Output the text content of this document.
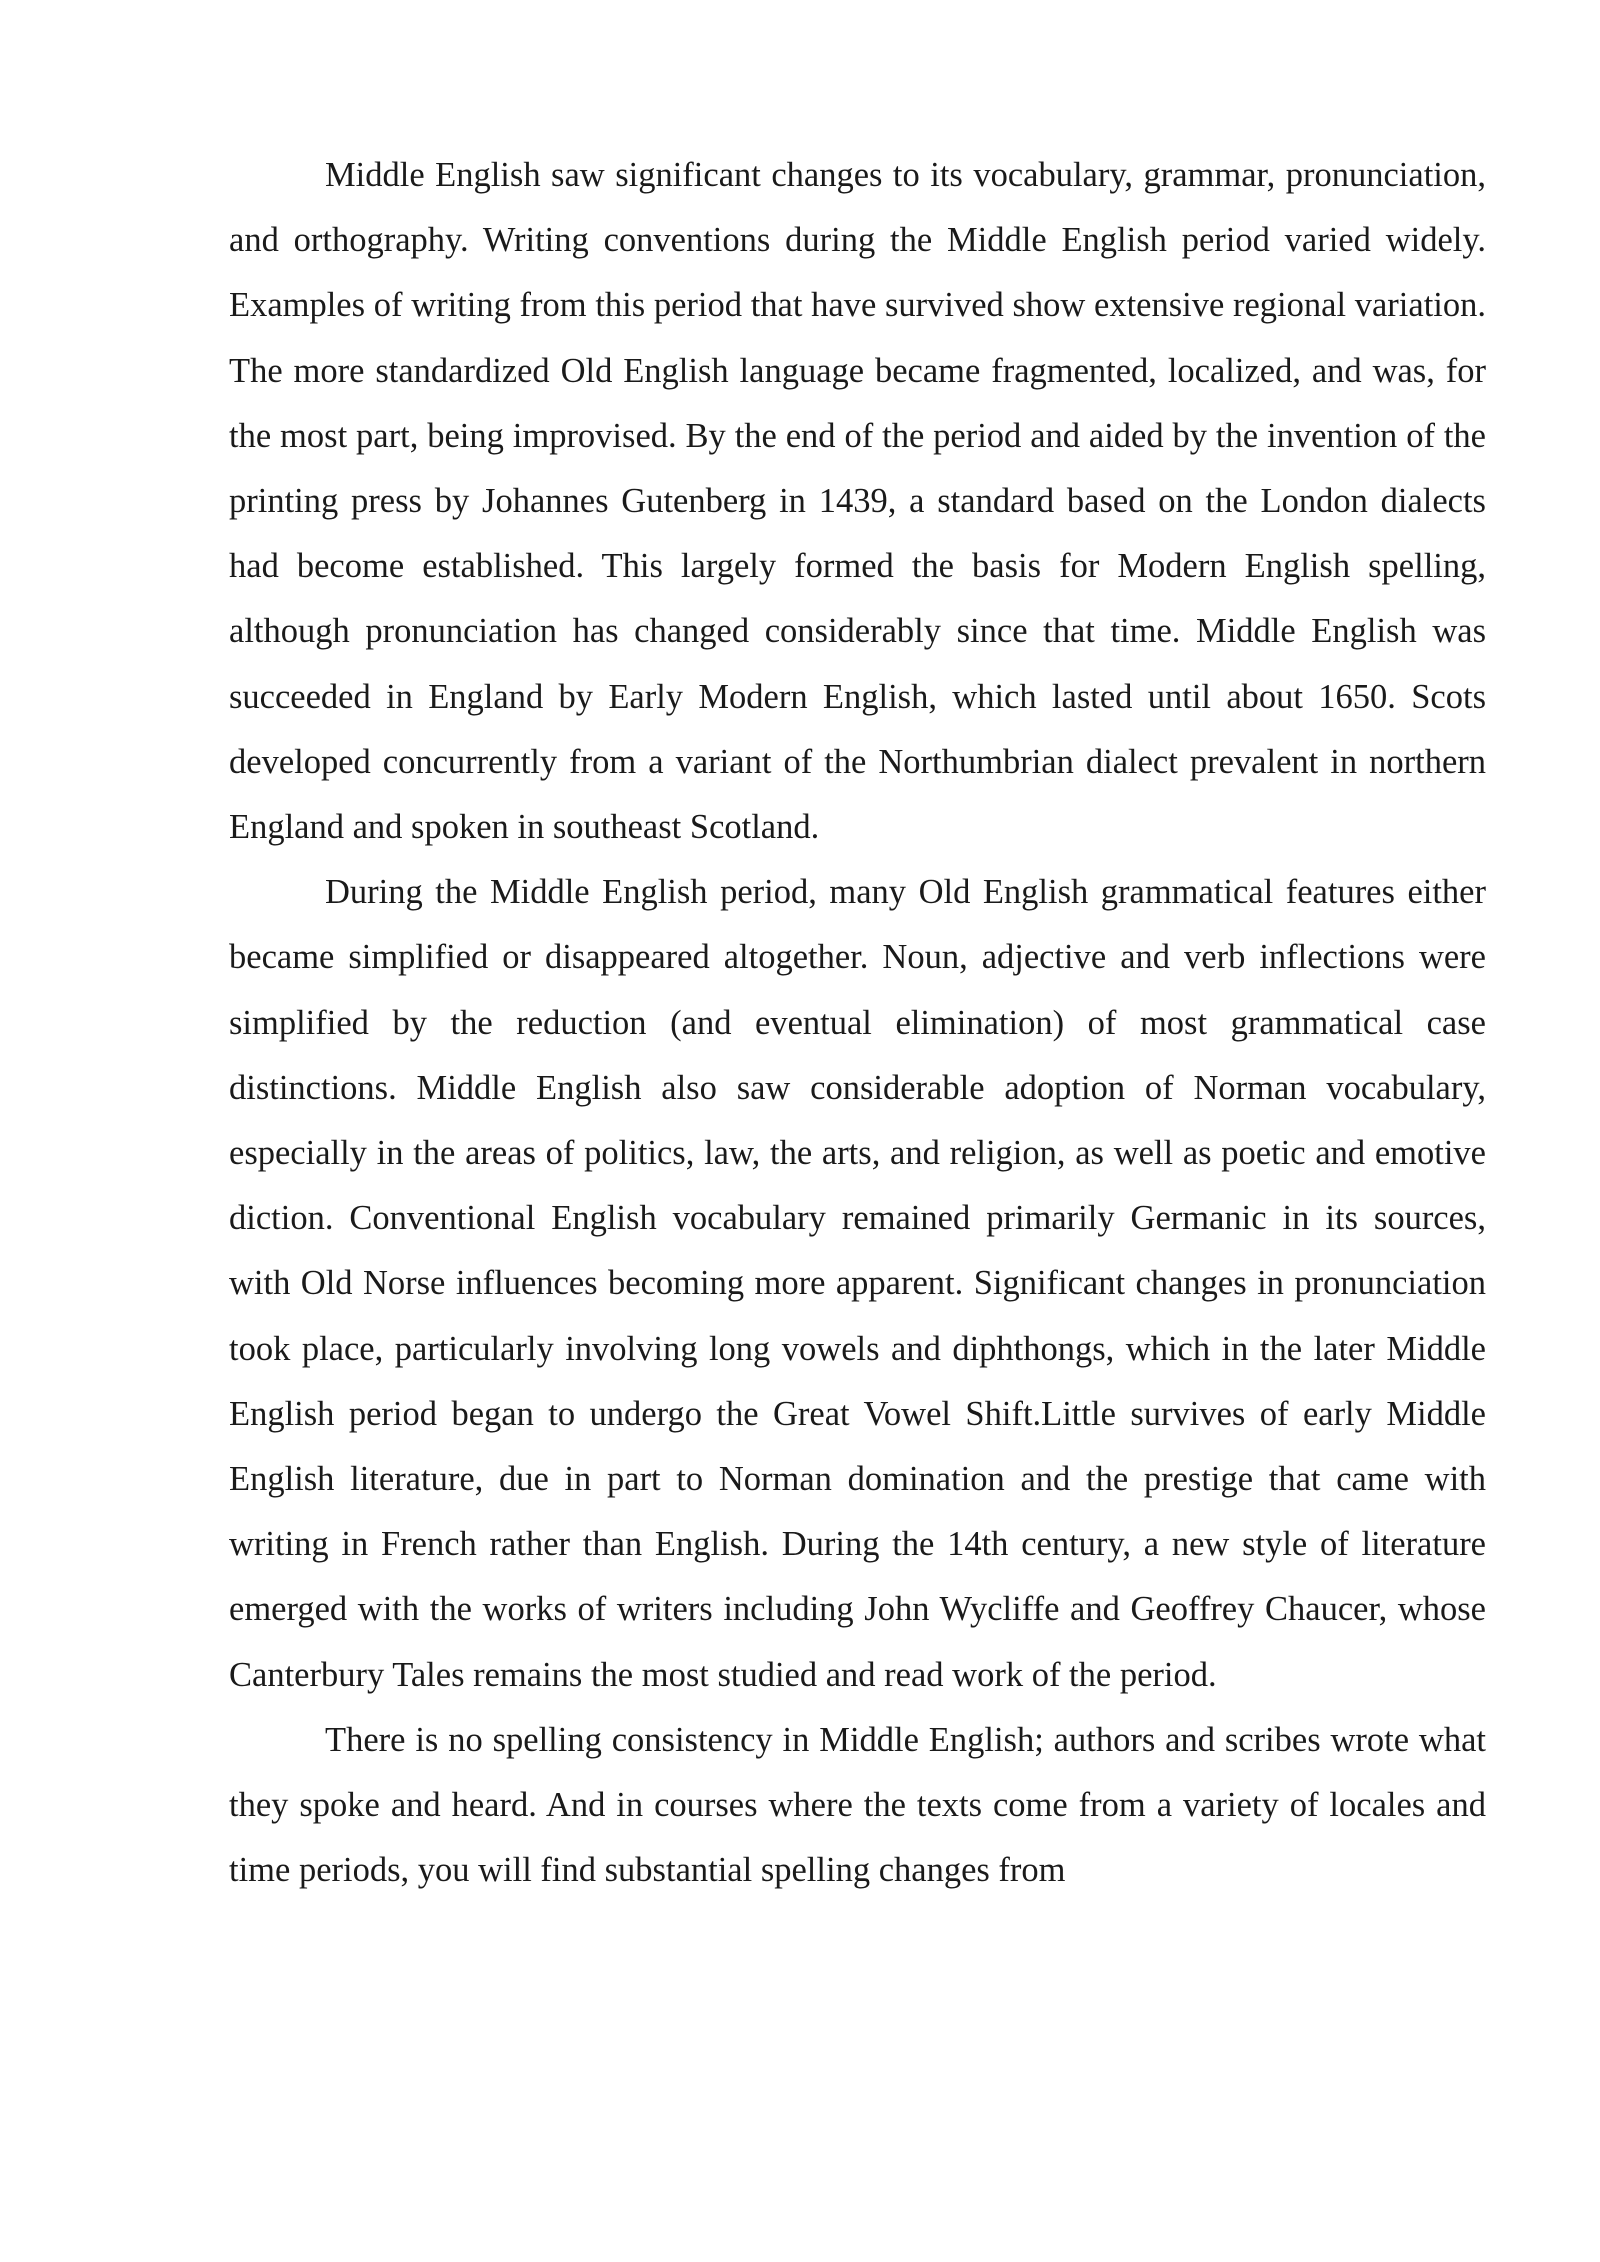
Middle English saw significant changes to its vocabulary, grammar, pronunciation, and orthography. Writing conventions during the Middle English period varied widely. Examples of writing from this period that have survived show extensive regional variation. The more standardized Old English language became fragmented, localized, and was, for the most part, being improvised. By the end of the period and aided by the invention of the printing press by Johannes Gutenberg in 1439, a standard based on the London dialects had become established. This largely formed the basis for Modern English spelling, although pronunciation has changed considerably since that time. Middle English was succeeded in England by Early Modern English, which lasted until about 1650. Scots developed concurrently from a variant of the Northumbrian dialect prevalent in northern England and spoken in southeast Scotland.

During the Middle English period, many Old English grammatical features either became simplified or disappeared altogether. Noun, adjective and verb inflections were simplified by the reduction (and eventual elimination) of most grammatical case distinctions. Middle English also saw considerable adoption of Norman vocabulary, especially in the areas of politics, law, the arts, and religion, as well as poetic and emotive diction. Conventional English vocabulary remained primarily Germanic in its sources, with Old Norse influences becoming more apparent. Significant changes in pronunciation took place, particularly involving long vowels and diphthongs, which in the later Middle English period began to undergo the Great Vowel Shift.Little survives of early Middle English literature, due in part to Norman domination and the prestige that came with writing in French rather than English. During the 14th century, a new style of literature emerged with the works of writers including John Wycliffe and Geoffrey Chaucer, whose Canterbury Tales remains the most studied and read work of the period.

There is no spelling consistency in Middle English; authors and scribes wrote what they spoke and heard. And in courses where the texts come from a variety of locales and time periods, you will find substantial spelling changes from
